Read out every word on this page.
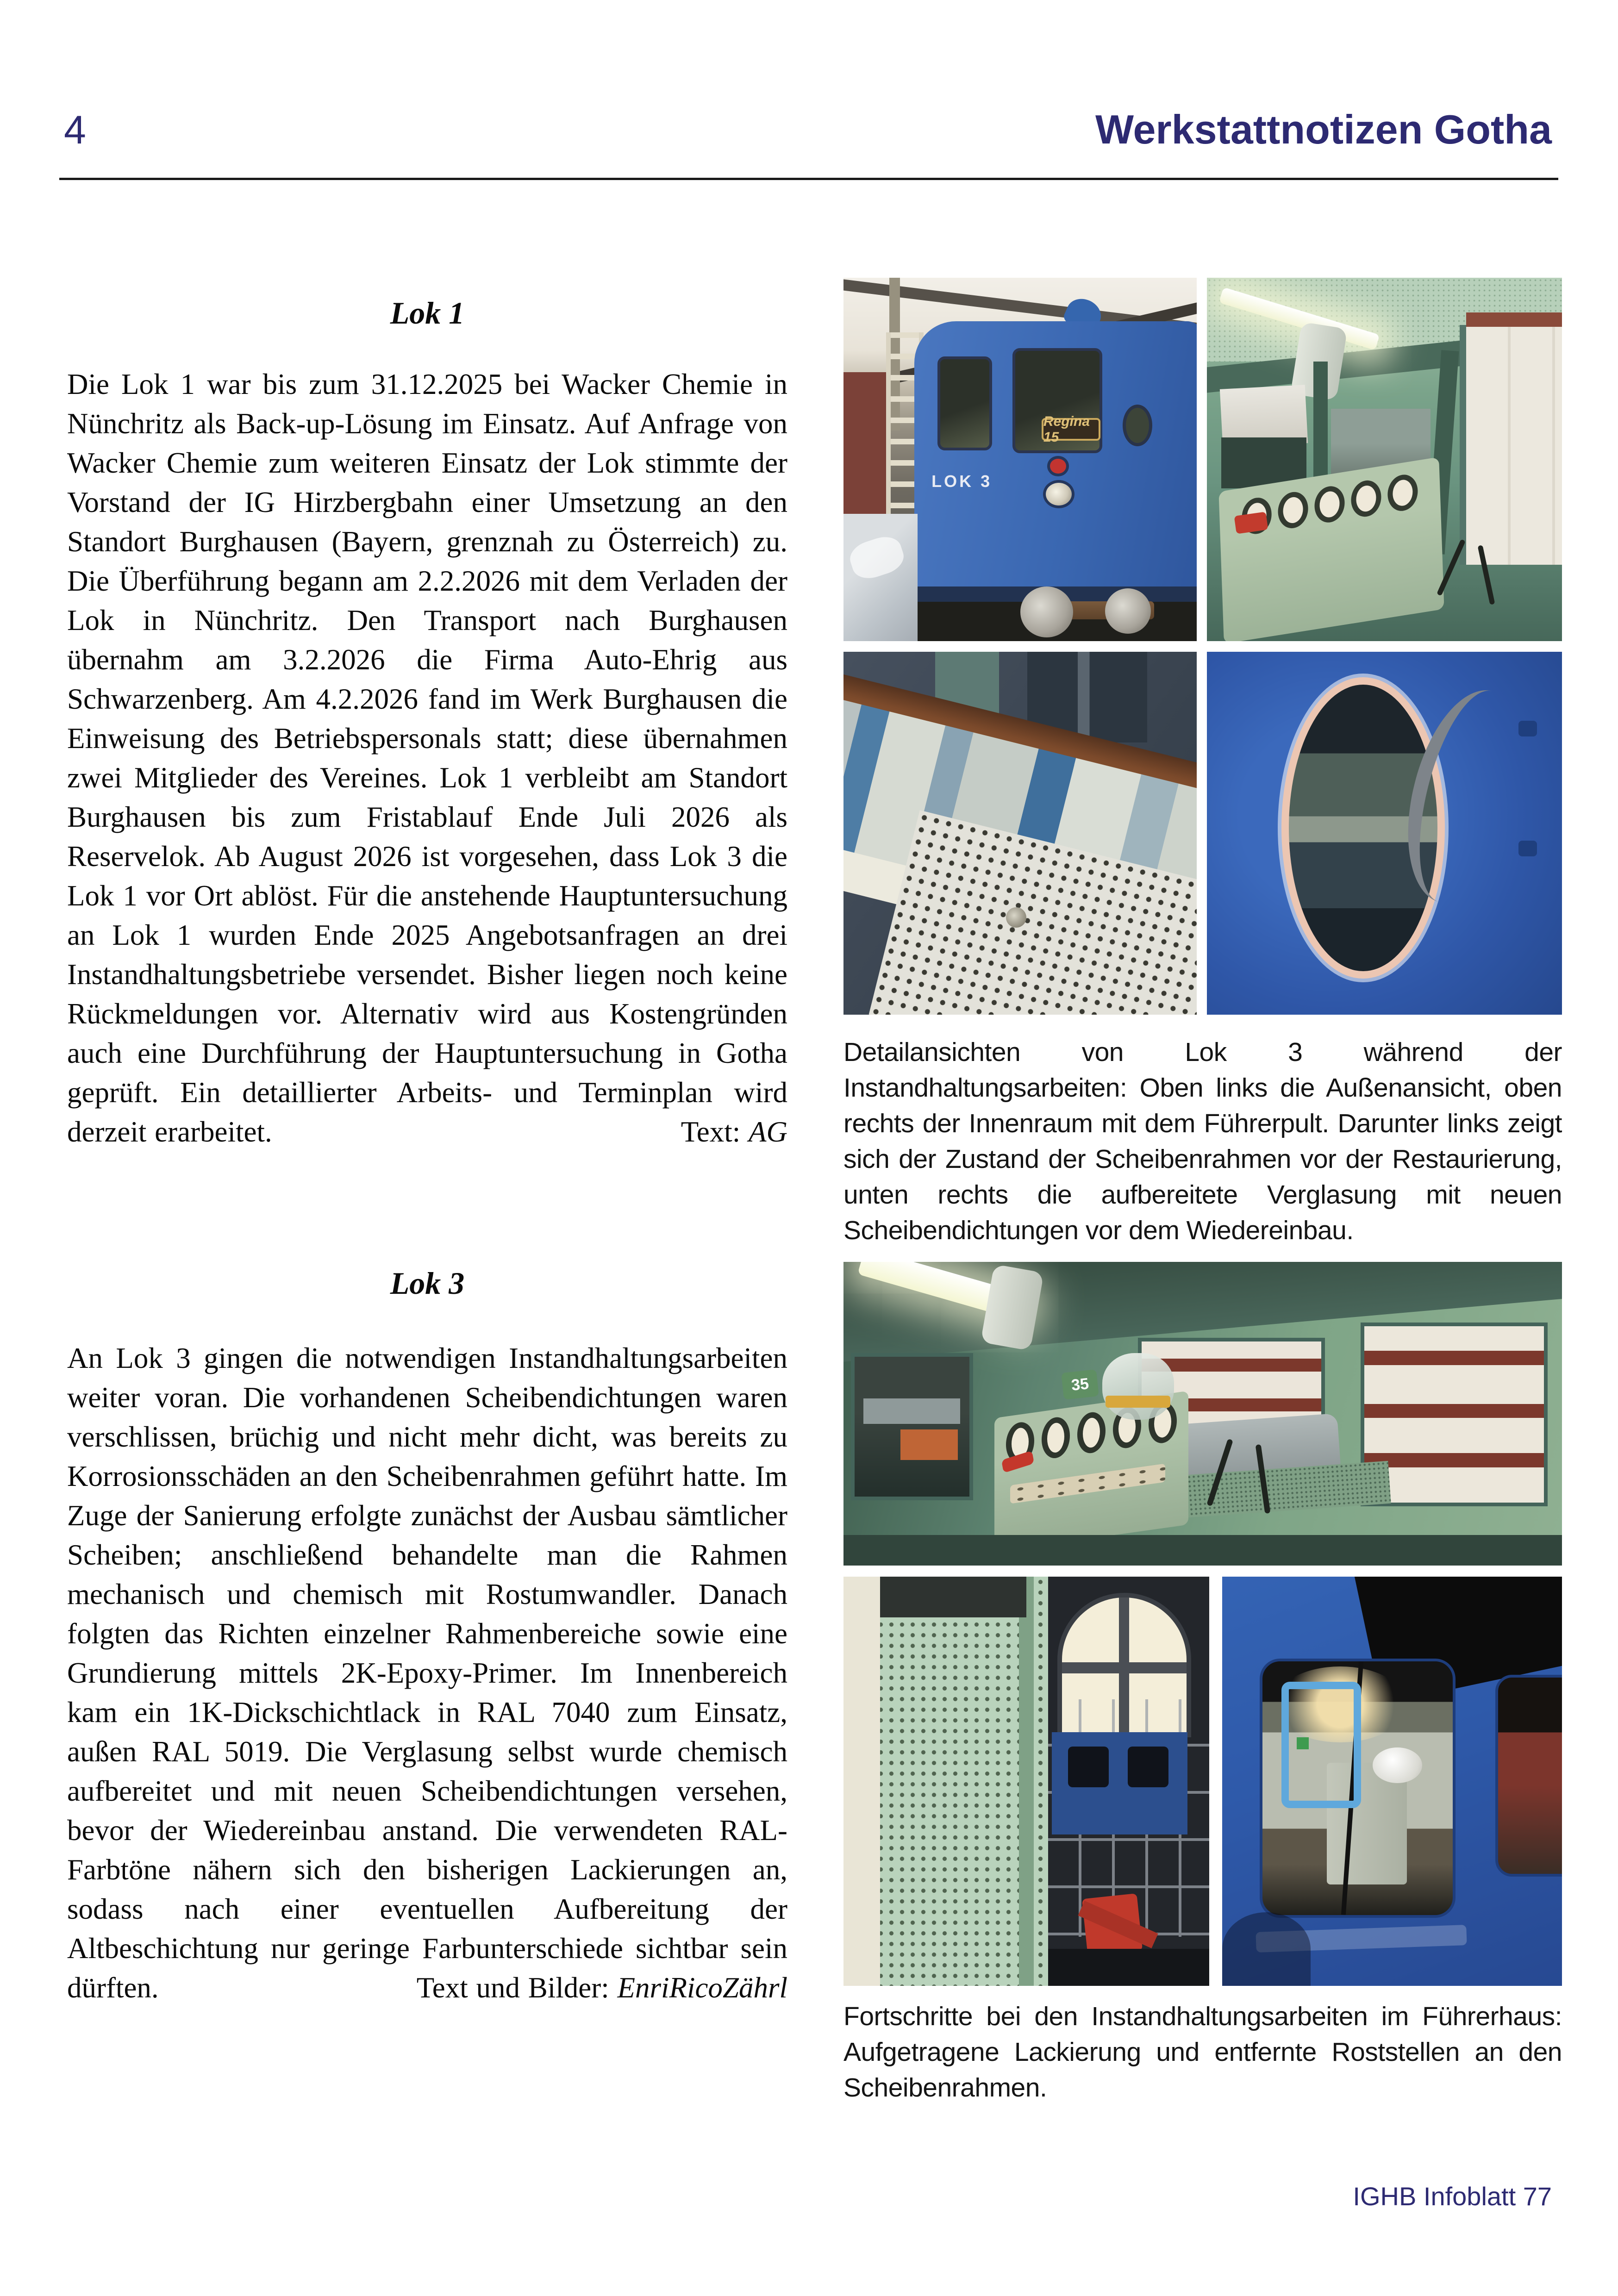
4	Werkstattnotizen Gotha
Lok 1
Die Lok 1 war bis zum 31.12.2025 bei Wacker Chemie in Nünchritz als Back-up-Lösung im Einsatz. Auf Anfrage von Wacker Chemie zum weiteren Einsatz der Lok stimmte der Vorstand der IG Hirzbergbahn einer Umsetzung an den Standort Burghausen (Bayern, grenznah zu Österreich) zu. Die Überführung begann am 2.2.2026 mit dem Verladen der Lok in Nünchritz. Den Transport nach Burghausen übernahm am 3.2.2026 die Firma Auto-Ehrig aus Schwarzenberg. Am 4.2.2026 fand im Werk Burghausen die Einweisung des Betriebspersonals statt; diese übernahmen zwei Mitglieder des Vereines. Lok 1 verbleibt am Standort Burghausen bis zum Fristablauf Ende Juli 2026 als Reservelok. Ab August 2026 ist vorgesehen, dass Lok 3 die Lok 1 vor Ort ablöst. Für die anstehende Hauptuntersuchung an Lok 1 wurden Ende 2025 Angebotsanfragen an drei Instandhaltungsbetriebe versendet. Bisher liegen noch keine Rückmeldungen vor. Alternativ wird aus Kostengründen auch eine Durchführung der Hauptuntersuchung in Gotha geprüft. Ein detaillierter Arbeits- und Terminplan wird derzeit erarbeitet.	Text: AG
Lok 3
An Lok 3 gingen die notwendigen Instandhaltungsarbeiten weiter voran. Die vorhandenen Scheibendichtungen waren verschlissen, brüchig und nicht mehr dicht, was bereits zu Korrosionsschäden an den Scheibenrahmen geführt hatte. Im Zuge der Sanierung erfolgte zunächst der Ausbau sämtlicher Scheiben; anschließend behandelte man die Rahmen mechanisch und chemisch mit Rostumwandler. Danach folgten das Richten einzelner Rahmenbereiche sowie eine Grundierung mittels 2K-Epoxy-Primer. Im Innenbereich kam ein 1K-Dickschichtlack in RAL 7040 zum Einsatz, außen RAL 5019. Die Verglasung selbst wurde chemisch aufbereitet und mit neuen Scheibendichtungen versehen, bevor der Wiedereinbau anstand. Die verwendeten RAL-Farbtöne nähern sich den bisherigen Lackierungen an, sodass nach einer eventuellen Aufbereitung der Altbeschichtung nur geringe Farbunterschiede sichtbar sein dürften.	Text und Bilder: EnriRicoZährl
Regina 15
LOK 3
Detailansichten von Lok 3 während der Instandhaltungsarbeiten: Oben links die Außenansicht, oben rechts der Innenraum mit dem Führerpult. Darunter links zeigt sich der Zustand der Scheibenrahmen vor der Restaurierung, unten rechts die aufbereitete Verglasung mit neuen Scheibendichtungen vor dem Wiedereinbau.
35
Fortschritte bei den Instandhaltungsarbeiten im Führerhaus: Aufgetragene Lackierung und entfernte Roststellen an den Scheibenrahmen.
IGHB Infoblatt 77
